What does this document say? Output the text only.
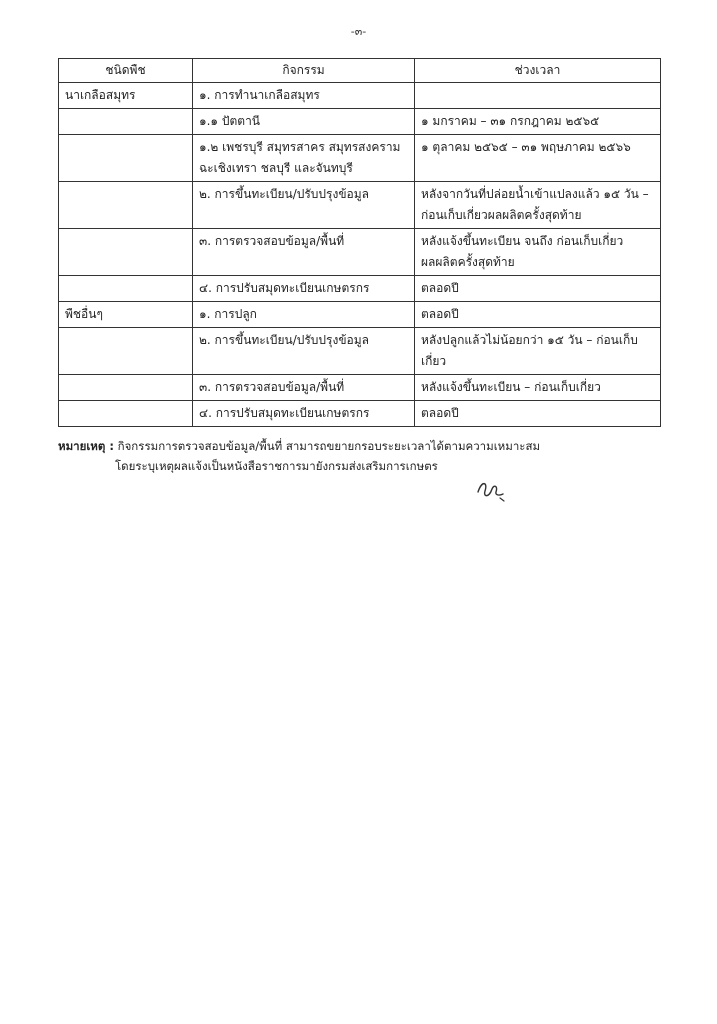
-๓-
ชนิดพืช	กิจกรรม	ช่วงเวลา
นาเกลือสมุทร	๑. การทำนาเกลือสมุทร	
	๑.๑ ปัตตานี	๑ มกราคม – ๓๑ กรกฎาคม ๒๕๖๕
	๑.๒ เพชรบุรี สมุทรสาคร สมุทรสงคราม ฉะเชิงเทรา ชลบุรี และจันทบุรี	๑ ตุลาคม ๒๕๖๕ – ๓๑ พฤษภาคม ๒๕๖๖
	๒. การขึ้นทะเบียน/ปรับปรุงข้อมูล	หลังจากวันที่ปล่อยน้ำเข้าแปลงแล้ว ๑๕ วัน – ก่อนเก็บเกี่ยวผลผลิตครั้งสุดท้าย
	๓. การตรวจสอบข้อมูล/พื้นที่	หลังแจ้งขึ้นทะเบียน จนถึง ก่อนเก็บเกี่ยวผลผลิตครั้งสุดท้าย
	๔. การปรับสมุดทะเบียนเกษตรกร	ตลอดปี
พืชอื่นๆ	๑. การปลูก	ตลอดปี
	๒. การขึ้นทะเบียน/ปรับปรุงข้อมูล	หลังปลูกแล้วไม่น้อยกว่า ๑๕ วัน – ก่อนเก็บเกี่ยว
	๓. การตรวจสอบข้อมูล/พื้นที่	หลังแจ้งขึ้นทะเบียน – ก่อนเก็บเกี่ยว
	๔. การปรับสมุดทะเบียนเกษตรกร	ตลอดปี
หมายเหตุ : กิจกรรมการตรวจสอบข้อมูล/พื้นที่ สามารถขยายกรอบระยะเวลาได้ตามความเหมาะสม
โดยระบุเหตุผลแจ้งเป็นหนังสือราชการมายังกรมส่งเสริมการเกษตร
